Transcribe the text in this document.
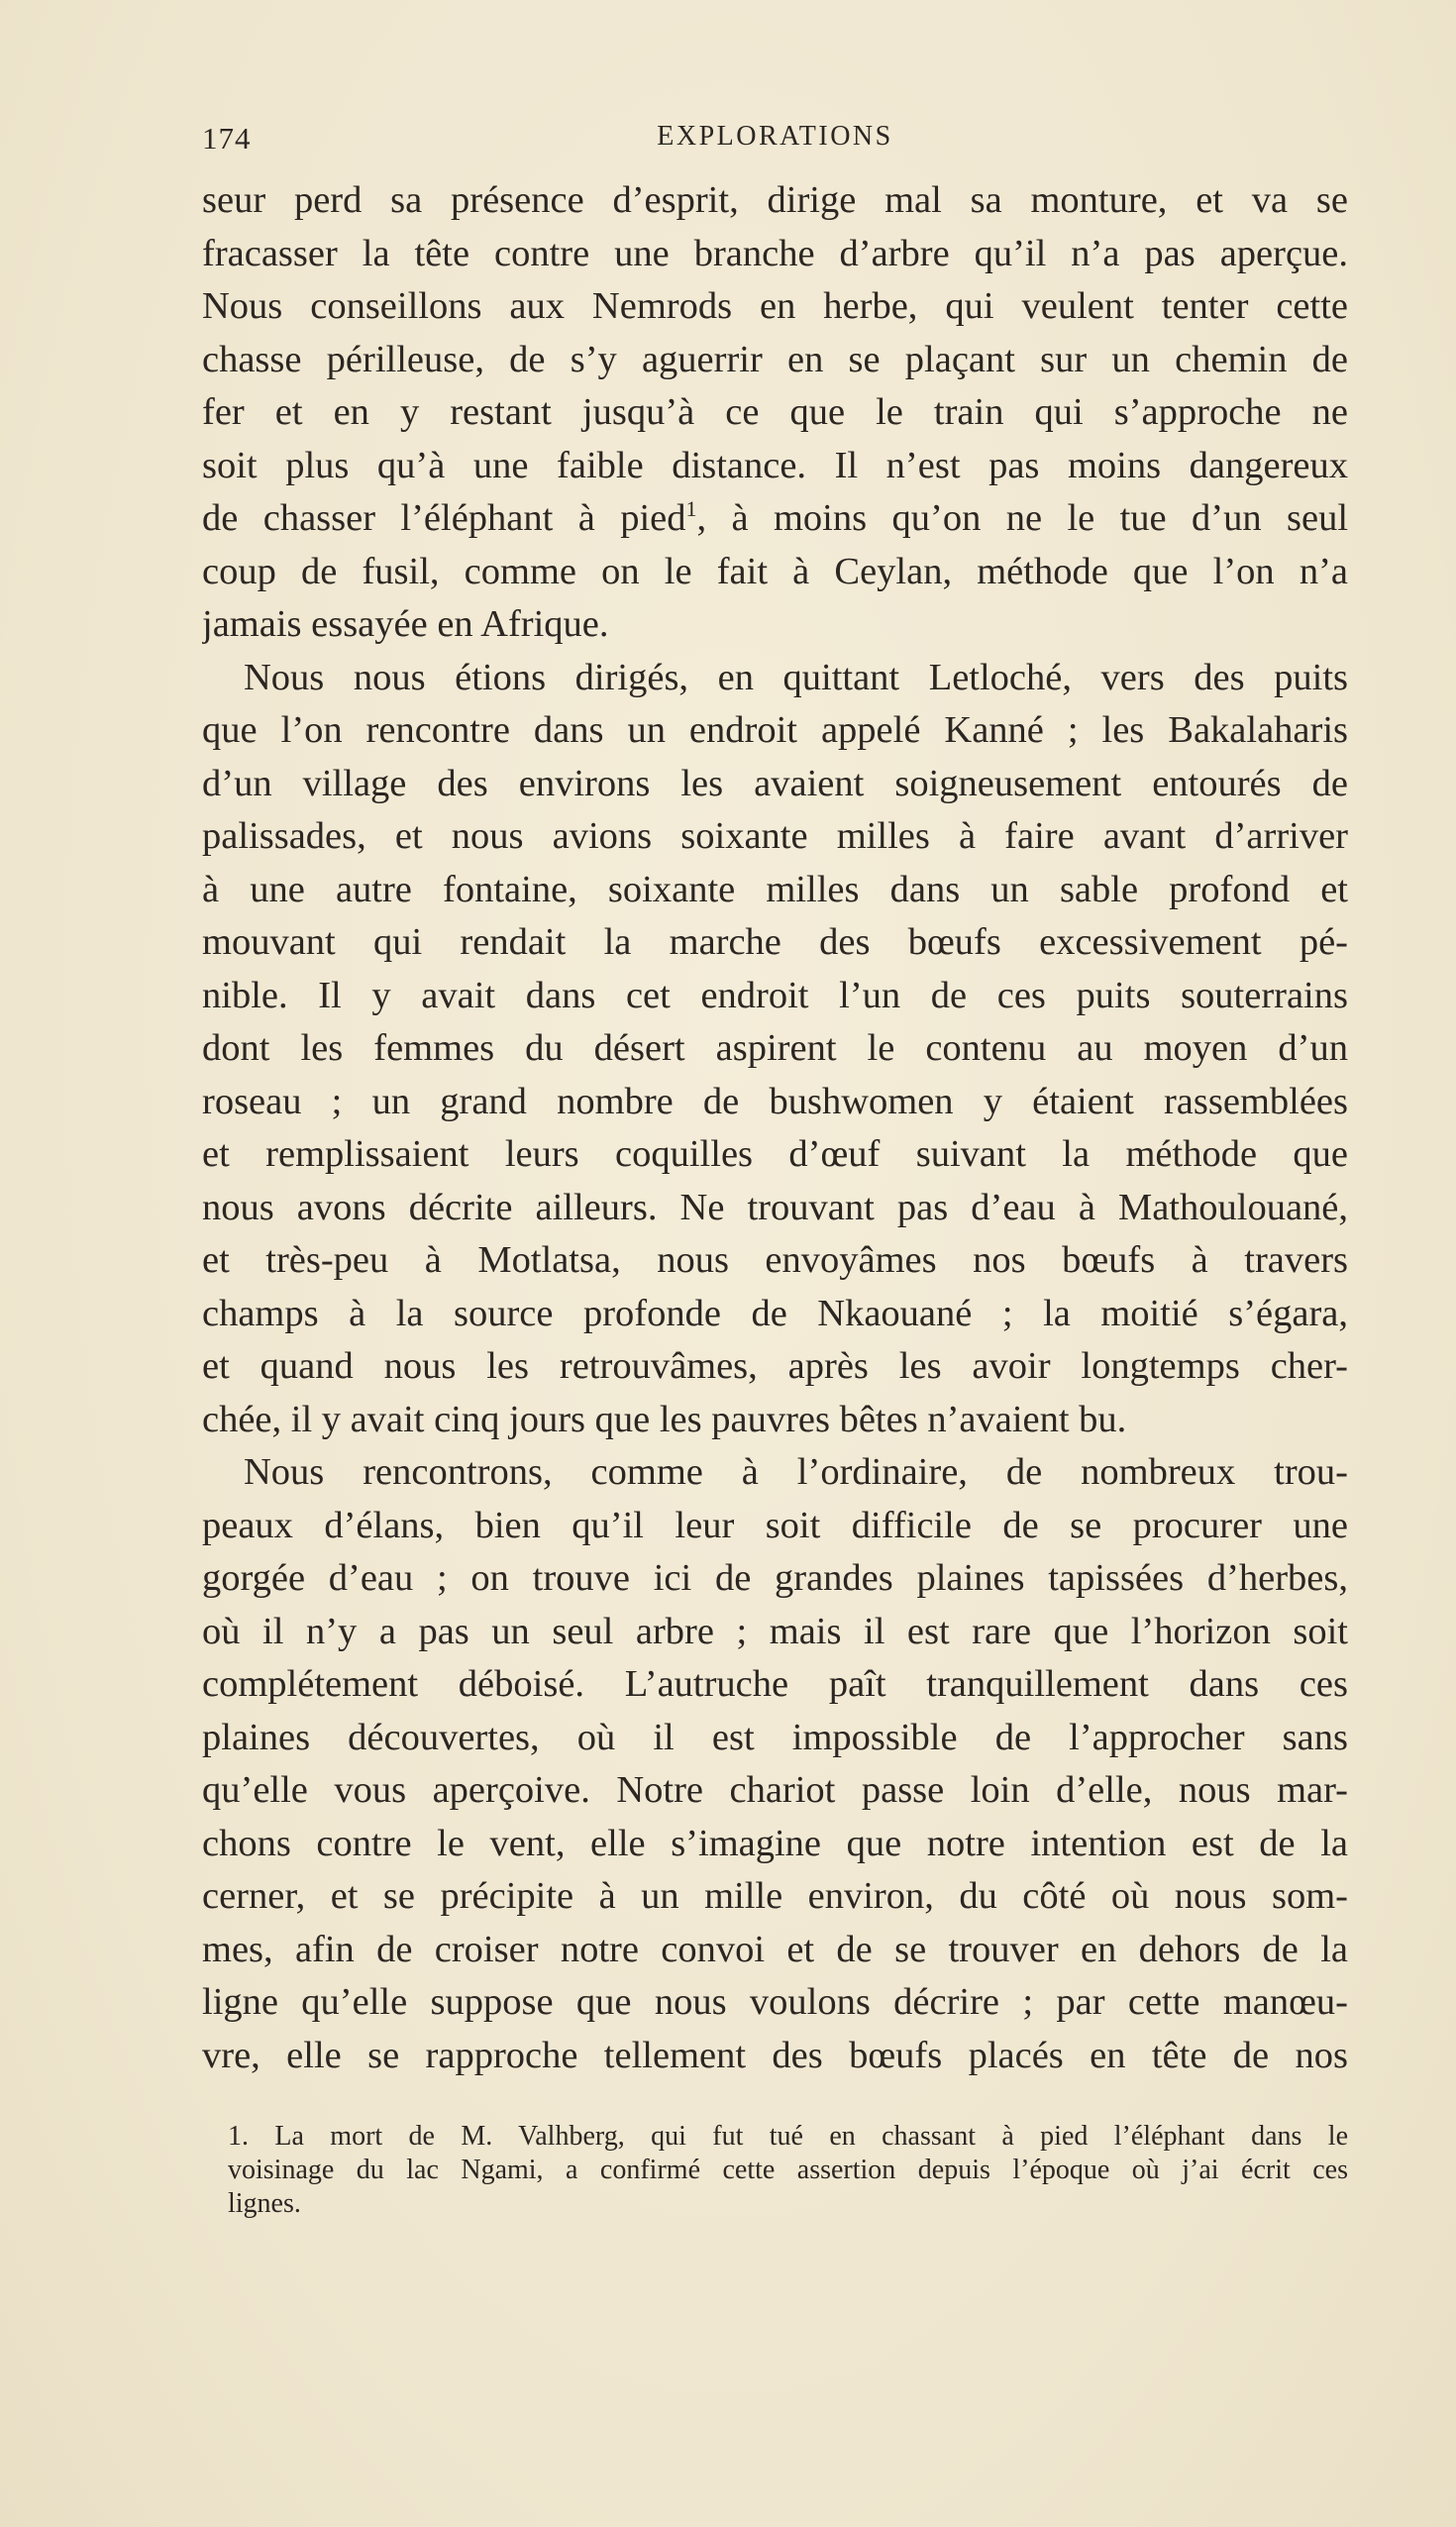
174	EXPLORATIONS
seur perd sa présence d’esprit, dirige mal sa monture, et va se
fracasser la tête contre une branche d’arbre qu’il n’a pas aperçue.
Nous conseillons aux Nemrods en herbe, qui veulent tenter cette
chasse périlleuse, de s’y aguerrir en se plaçant sur un chemin de
fer et en y restant jusqu’à ce que le train qui s’approche ne
soit plus qu’à une faible distance. Il n’est pas moins dangereux
de chasser l’éléphant à pied$^1$, à moins qu’on ne le tue d’un seul
coup de fusil, comme on le fait à Ceylan, méthode que l’on n’a
jamais essayée en Afrique.
Nous nous étions dirigés, en quittant Letloché, vers des puits
que l’on rencontre dans un endroit appelé Kanné ; les Bakalaharis
d’un village des environs les avaient soigneusement entourés de
palissades, et nous avions soixante milles à faire avant d’arriver
à une autre fontaine, soixante milles dans un sable profond et
mouvant qui rendait la marche des bœufs excessivement pé-
nible. Il y avait dans cet endroit l’un de ces puits souterrains
dont les femmes du désert aspirent le contenu au moyen d’un
roseau ; un grand nombre de bushwomen y étaient rassemblées
et remplissaient leurs coquilles d’œuf suivant la méthode que
nous avons décrite ailleurs. Ne trouvant pas d’eau à Mathoulouané,
et très-peu à Motlatsa, nous envoyâmes nos bœufs à travers
champs à la source profonde de Nkaouané ; la moitié s’égara,
et quand nous les retrouvâmes, après les avoir longtemps cher-
chée, il y avait cinq jours que les pauvres bêtes n’avaient bu.
Nous rencontrons, comme à l’ordinaire, de nombreux trou-
peaux d’élans, bien qu’il leur soit difficile de se procurer une
gorgée d’eau ; on trouve ici de grandes plaines tapissées d’herbes,
où il n’y a pas un seul arbre ; mais il est rare que l’horizon soit
complétement déboisé. L’autruche paît tranquillement dans ces
plaines découvertes, où il est impossible de l’approcher sans
qu’elle vous aperçoive. Notre chariot passe loin d’elle, nous mar-
chons contre le vent, elle s’imagine que notre intention est de la
cerner, et se précipite à un mille environ, du côté où nous som-
mes, afin de croiser notre convoi et de se trouver en dehors de la
ligne qu’elle suppose que nous voulons décrire ; par cette manœu-
vre, elle se rapproche tellement des bœufs placés en tête de nos
1. La mort de M. Valhberg, qui fut tué en chassant à pied l’éléphant dans le
voisinage du lac Ngami, a confirmé cette assertion depuis l’époque où j’ai écrit ces
lignes.
